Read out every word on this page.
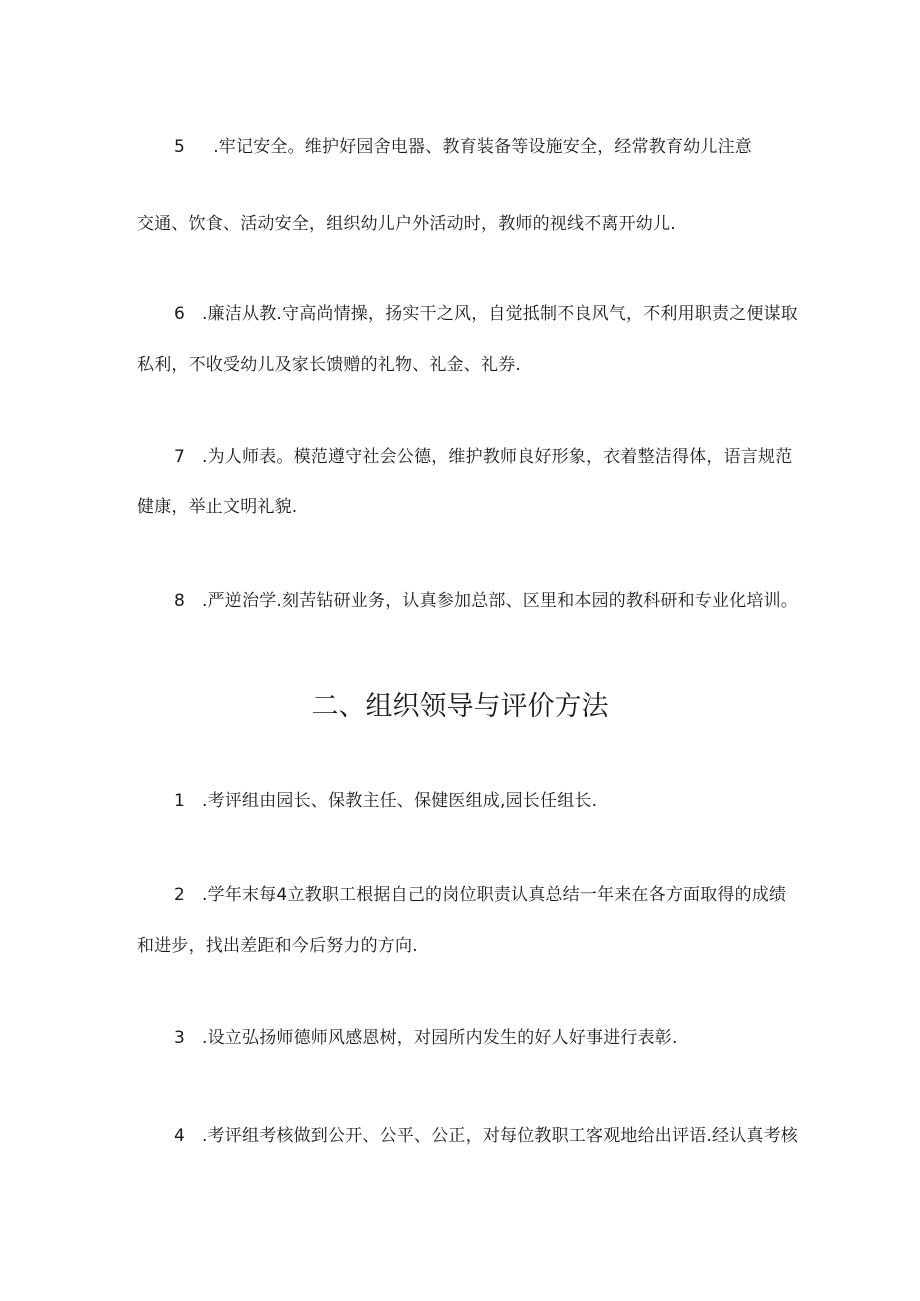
5  .牢记安全。维护好园舍电器、教育装备等设施安全，经常教育幼儿注意
交通、饮食、活动安全，组织幼儿户外活动时，教师的视线不离开幼儿.
6 .廉洁从教.守高尚情操，扬实干之风，自觉抵制不良风气，不利用职责之便谋取
私利，不收受幼儿及家长馈赠的礼物、礼金、礼券.
7 .为人师表。模范遵守社会公德，维护教师良好形象，衣着整洁得体，语言规范
健康，举止文明礼貌.
8 .严逆治学.刻苦钻研业务，认真参加总部、区里和本园的教科研和专业化培训。
二、组织领导与评价方法
1 .考评组由园长、保教主任、保健医组成,园长任组长.
2 .学年末每4立教职工根据自己的岗位职责认真总结一年来在各方面取得的成绩
和进步，找出差距和今后努力的方向.
3 .设立弘扬师德师风感恩树，对园所内发生的好人好事进行表彰.
4 .考评组考核做到公开、公平、公正，对每位教职工客观地给出评语.经认真考核
